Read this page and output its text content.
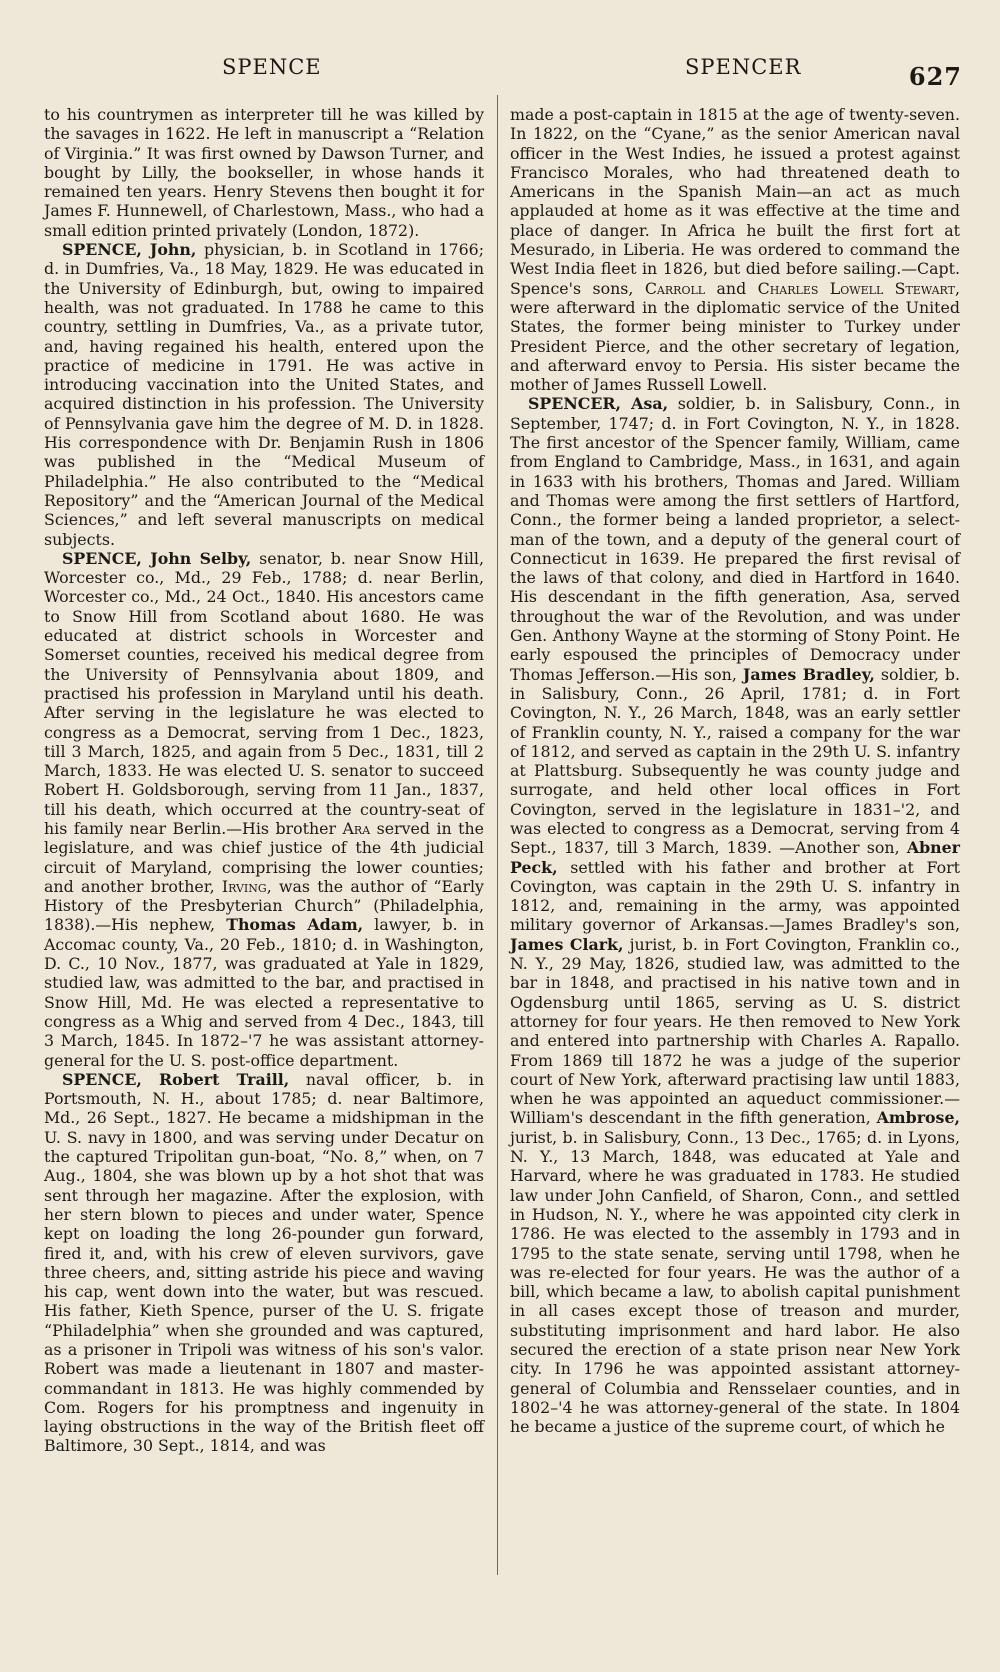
SPENCE	SPENCER	627

to his countrymen as interpreter till he was killed by the savages in 1622. He left in manuscript a “Relation of Virginia.” It was first owned by Dawson Turner, and bought by Lilly, the bookseller, in whose hands it remained ten years. Henry Stevens then bought it for James F. Hunnewell, of Charlestown, Mass., who had a small edition printed privately (London, 1872).

SPENCE, John, physician, b. in Scotland in 1766; d. in Dumfries, Va., 18 May, 1829. He was educated in the University of Edinburgh, but, owing to impaired health, was not graduated. In 1788 he came to this country, settling in Dumfries, Va., as a private tutor, and, having regained his health, entered upon the practice of medicine in 1791. He was active in introducing vaccination into the United States, and acquired distinction in his profession. The University of Pennsylvania gave him the degree of M. D. in 1828. His correspondence with Dr. Benjamin Rush in 1806 was published in the “Medical Museum of Philadelphia.” He also contributed to the “Medical Repository” and the “American Journal of the Medical Sciences,” and left several manuscripts on medical subjects.

SPENCE, John Selby, senator, b. near Snow Hill, Worcester co., Md., 29 Feb., 1788; d. near Berlin, Worcester co., Md., 24 Oct., 1840. His ancestors came to Snow Hill from Scotland about 1680. He was educated at district schools in Worcester and Somerset counties, received his medical degree from the University of Pennsylvania about 1809, and practised his profession in Maryland until his death. After serving in the legislature he was elected to congress as a Democrat, serving from 1 Dec., 1823, till 3 March, 1825, and again from 5 Dec., 1831, till 2 March, 1833. He was elected U. S. senator to succeed Robert H. Goldsborough, serving from 11 Jan., 1837, till his death, which occurred at the country-seat of his family near Berlin.—His brother Ara served in the legislature, and was chief justice of the 4th judicial circuit of Maryland, comprising the lower counties; and another brother, Irving, was the author of “Early History of the Presbyterian Church” (Philadelphia, 1838).—His nephew, Thomas Adam, lawyer, b. in Accomac county, Va., 20 Feb., 1810; d. in Washington, D. C., 10 Nov., 1877, was graduated at Yale in 1829, studied law, was admitted to the bar, and practised in Snow Hill, Md. He was elected a representative to congress as a Whig and served from 4 Dec., 1843, till 3 March, 1845. In 1872–'7 he was assistant attorney-general for the U. S. post-office department.

SPENCE, Robert Traill, naval officer, b. in Portsmouth, N. H., about 1785; d. near Baltimore, Md., 26 Sept., 1827. He became a midshipman in the U. S. navy in 1800, and was serving under Decatur on the captured Tripolitan gun-boat, “No. 8,” when, on 7 Aug., 1804, she was blown up by a hot shot that was sent through her magazine. After the explosion, with her stern blown to pieces and under water, Spence kept on loading the long 26-pounder gun forward, fired it, and, with his crew of eleven survivors, gave three cheers, and, sitting astride his piece and waving his cap, went down into the water, but was rescued. His father, Kieth Spence, purser of the U. S. frigate “Philadelphia” when she grounded and was captured, as a prisoner in Tripoli was witness of his son's valor. Robert was made a lieutenant in 1807 and master-commandant in 1813. He was highly commended by Com. Rogers for his promptness and ingenuity in laying obstructions in the way of the British fleet off Baltimore, 30 Sept., 1814, and was

made a post-captain in 1815 at the age of twenty-seven. In 1822, on the “Cyane,” as the senior American naval officer in the West Indies, he issued a protest against Francisco Morales, who had threatened death to Americans in the Spanish Main—an act as much applauded at home as it was effective at the time and place of danger. In Africa he built the first fort at Mesurado, in Liberia. He was ordered to command the West India fleet in 1826, but died before sailing.—Capt. Spence's sons, Carroll and Charles Lowell Stewart, were afterward in the diplomatic service of the United States, the former being minister to Turkey under President Pierce, and the other secretary of legation, and afterward envoy to Persia. His sister became the mother of James Russell Lowell.

SPENCER, Asa, soldier, b. in Salisbury, Conn., in September, 1747; d. in Fort Covington, N. Y., in 1828. The first ancestor of the Spencer family, William, came from England to Cambridge, Mass., in 1631, and again in 1633 with his brothers, Thomas and Jared. William and Thomas were among the first settlers of Hartford, Conn., the former being a landed proprietor, a select-man of the town, and a deputy of the general court of Connecticut in 1639. He prepared the first revisal of the laws of that colony, and died in Hartford in 1640. His descendant in the fifth generation, Asa, served throughout the war of the Revolution, and was under Gen. Anthony Wayne at the storming of Stony Point. He early espoused the principles of Democracy under Thomas Jefferson.—His son, James Bradley, soldier, b. in Salisbury, Conn., 26 April, 1781; d. in Fort Covington, N. Y., 26 March, 1848, was an early settler of Franklin county, N. Y., raised a company for the war of 1812, and served as captain in the 29th U. S. infantry at Plattsburg. Subsequently he was county judge and surrogate, and held other local offices in Fort Covington, served in the legislature in 1831–'2, and was elected to congress as a Democrat, serving from 4 Sept., 1837, till 3 March, 1839. —Another son, Abner Peck, settled with his father and brother at Fort Covington, was captain in the 29th U. S. infantry in 1812, and, remaining in the army, was appointed military governor of Arkansas.—James Bradley's son, James Clark, jurist, b. in Fort Covington, Franklin co., N. Y., 29 May, 1826, studied law, was admitted to the bar in 1848, and practised in his native town and in Ogdensburg until 1865, serving as U. S. district attorney for four years. He then removed to New York and entered into partnership with Charles A. Rapallo. From 1869 till 1872 he was a judge of the superior court of New York, afterward practising law until 1883, when he was appointed an aqueduct commissioner.—William's descendant in the fifth generation, Ambrose, jurist, b. in Salisbury, Conn., 13 Dec., 1765; d. in Lyons, N. Y., 13 March, 1848, was educated at Yale and Harvard, where he was graduated in 1783. He studied law under John Canfield, of Sharon, Conn., and settled in Hudson, N. Y., where he was appointed city clerk in 1786. He was elected to the assembly in 1793 and in 1795 to the state senate, serving until 1798, when he was re-elected for four years. He was the author of a bill, which became a law, to abolish capital punishment in all cases except those of treason and murder, substituting imprisonment and hard labor. He also secured the erection of a state prison near New York city. In 1796 he was appointed assistant attorney-general of Columbia and Rensselaer counties, and in 1802–'4 he was attorney-general of the state. In 1804 he became a justice of the supreme court, of which he
